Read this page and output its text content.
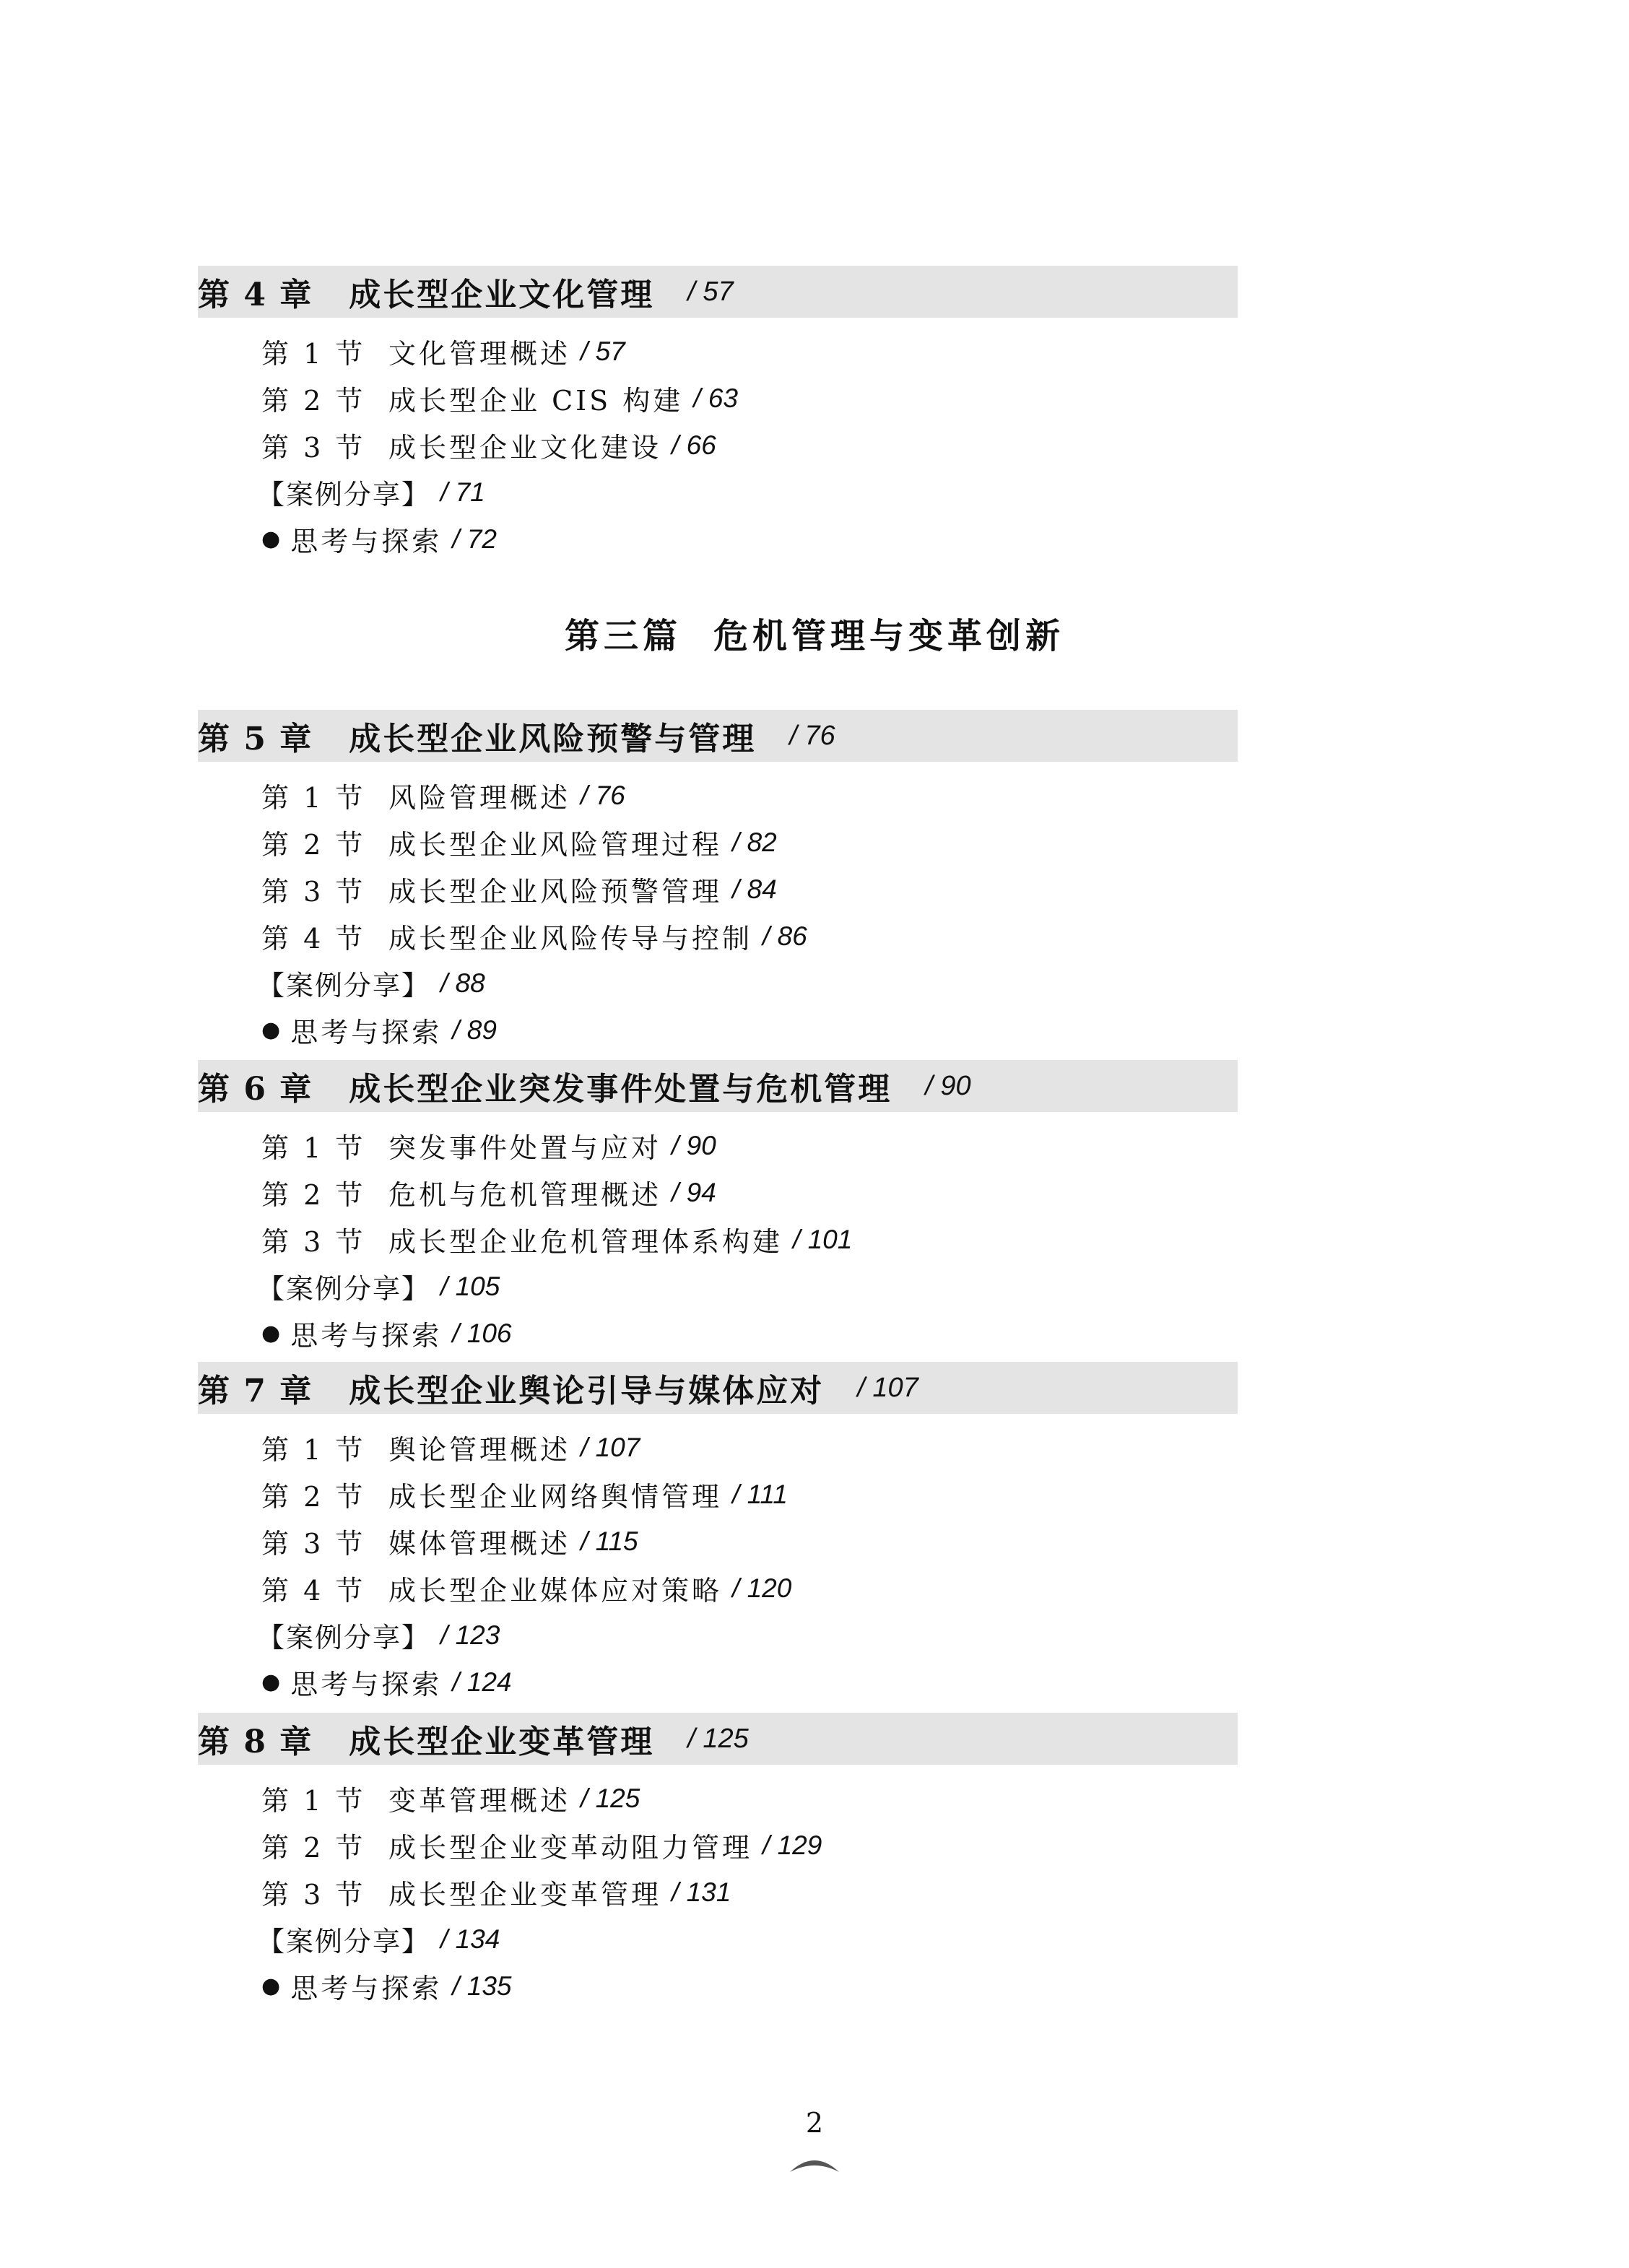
第 4 章 成长型企业文化管理 / 57
第 1 节 文化管理概述 / 57
第 2 节 成长型企业 CIS 构建 / 63
第 3 节 成长型企业文化建设 / 66
【案例分享】 / 71
● 思考与探索 / 72
第三篇 危机管理与变革创新
第 5 章 成长型企业风险预警与管理 / 76
第 1 节 风险管理概述 / 76
第 2 节 成长型企业风险管理过程 / 82
第 3 节 成长型企业风险预警管理 / 84
第 4 节 成长型企业风险传导与控制 / 86
【案例分享】 / 88
● 思考与探索 / 89
第 6 章 成长型企业突发事件处置与危机管理 / 90
第 1 节 突发事件处置与应对 / 90
第 2 节 危机与危机管理概述 / 94
第 3 节 成长型企业危机管理体系构建 / 101
【案例分享】 / 105
● 思考与探索 / 106
第 7 章 成长型企业舆论引导与媒体应对 / 107
第 1 节 舆论管理概述 / 107
第 2 节 成长型企业网络舆情管理 / 111
第 3 节 媒体管理概述 / 115
第 4 节 成长型企业媒体应对策略 / 120
【案例分享】 / 123
● 思考与探索 / 124
第 8 章 成长型企业变革管理 / 125
第 1 节 变革管理概述 / 125
第 2 节 成长型企业变革动阻力管理 / 129
第 3 节 成长型企业变革管理 / 131
【案例分享】 / 134
● 思考与探索 / 135
2
